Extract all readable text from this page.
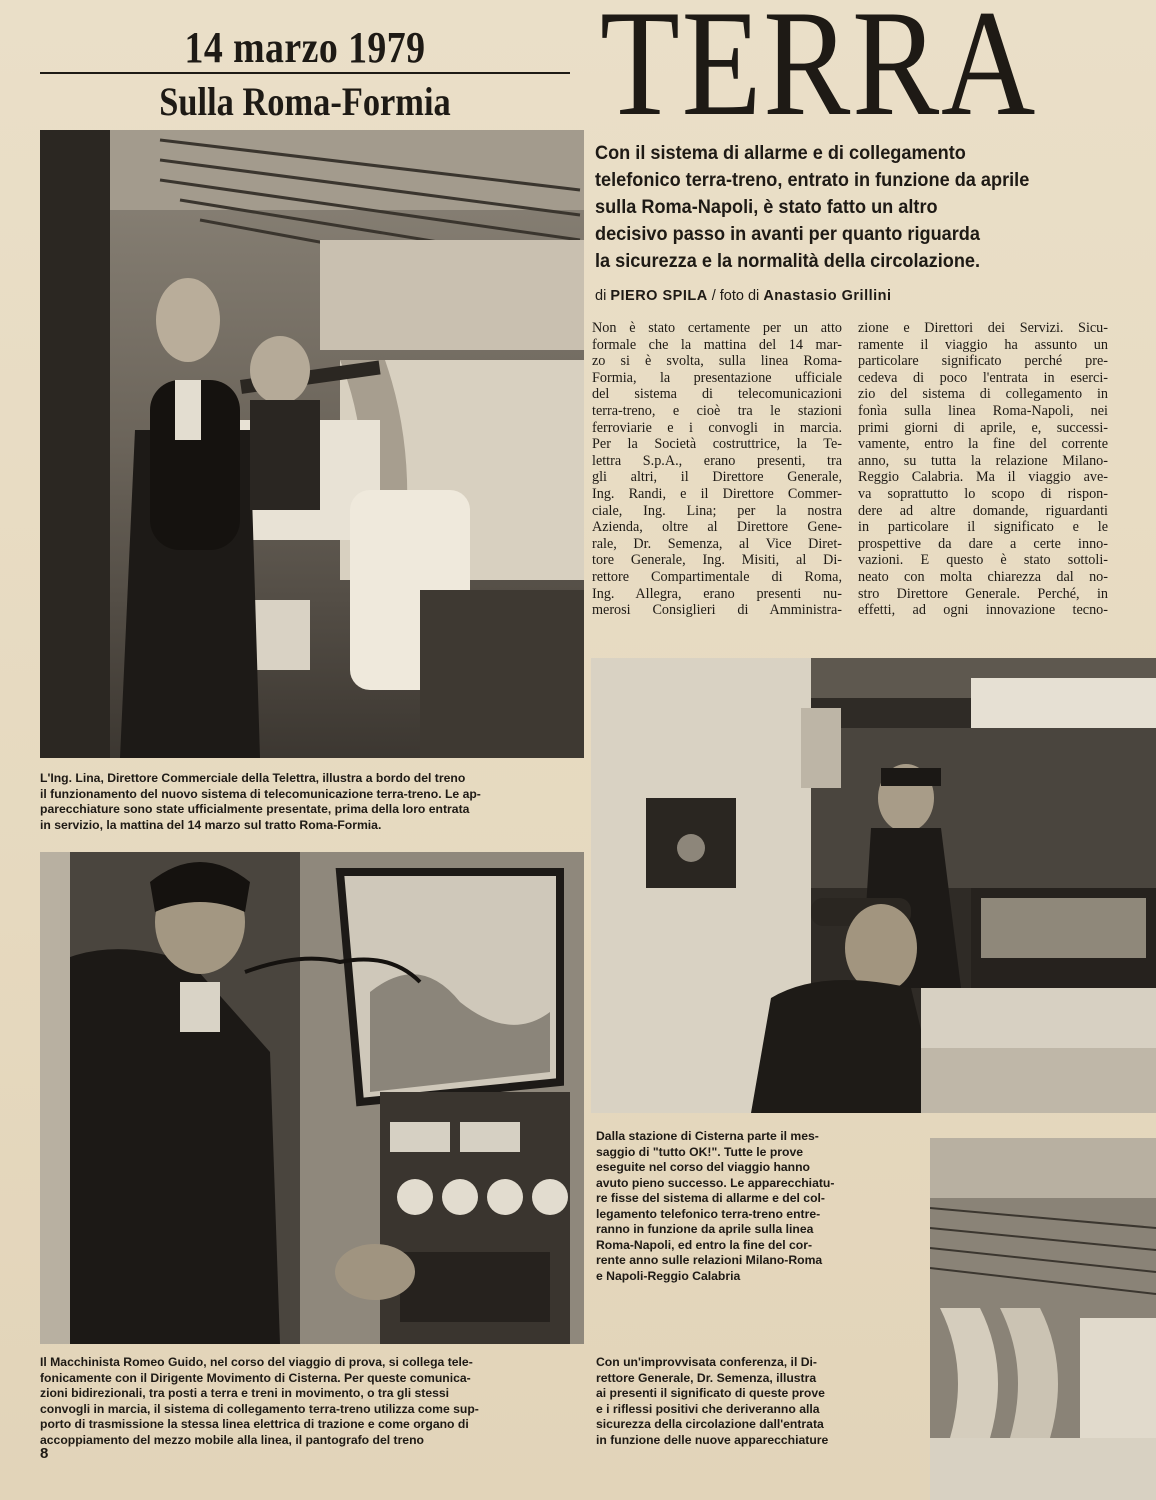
14 marzo 1979
Sulla Roma-Formia TERRA
Con il sistema di allarme e di collegamento
telefonico terra-treno, entrato in funzione da aprile
sulla Roma-Napoli, è stato fatto un altro
decisivo passo in avanti per quanto riguarda
la sicurezza e la normalità della circolazione.
di PIERO SPILA / foto di Anastasio Grillini
Non è stato certamente per un atto
formale che la mattina del 14 mar-
zo si è svolta, sulla linea Roma-
Formia, la presentazione ufficiale
del sistema di telecomunicazioni
terra-treno, e cioè tra le stazioni
ferroviarie e i convogli in marcia.
Per la Società costruttrice, la Te-
lettra S.p.A., erano presenti, tra
gli altri, il Direttore Generale,
Ing. Randi, e il Direttore Commer-
ciale, Ing. Lina; per la nostra
Azienda, oltre al Direttore Gene-
rale, Dr. Semenza, al Vice Diret-
tore Generale, Ing. Misiti, al Di-
rettore Compartimentale di Roma,
Ing. Allegra, erano presenti nu-
merosi Consiglieri di Amministra-
zione e Direttori dei Servizi. Sicu-
ramente il viaggio ha assunto un
particolare significato perché pre-
cedeva di poco l'entrata in eserci-
zio del sistema di collegamento in
fonìa sulla linea Roma-Napoli, nei
primi giorni di aprile, e, successi-
vamente, entro la fine del corrente
anno, su tutta la relazione Milano-
Reggio Calabria. Ma il viaggio ave-
va soprattutto lo scopo di rispon-
dere ad altre domande, riguardanti
in particolare il significato e le
prospettive da dare a certe inno-
vazioni. E questo è stato sottoli-
neato con molta chiarezza dal no-
stro Direttore Generale. Perché, in
effetti, ad ogni innovazione tecno-
L'Ing. Lina, Direttore Commerciale della Telettra, illustra a bordo del treno
il funzionamento del nuovo sistema di telecomunicazione terra-treno. Le ap-
parecchiature sono state ufficialmente presentate, prima della loro entrata
in servizio, la mattina del 14 marzo sul tratto Roma-Formia.
Il Macchinista Romeo Guido, nel corso del viaggio di prova, si collega tele-
fonicamente con il Dirigente Movimento di Cisterna. Per queste comunica-
zioni bidirezionali, tra posti a terra e treni in movimento, o tra gli stessi
convogli in marcia, il sistema di collegamento terra-treno utilizza come sup-
porto di trasmissione la stessa linea elettrica di trazione e come organo di
accoppiamento del mezzo mobile alla linea, il pantografo del treno
Dalla stazione di Cisterna parte il mes-
saggio di "tutto OK!". Tutte le prove
eseguite nel corso del viaggio hanno
avuto pieno successo. Le apparecchiatu-
re fisse del sistema di allarme e del col-
legamento telefonico terra-treno entre-
ranno in funzione da aprile sulla linea
Roma-Napoli, ed entro la fine del cor-
rente anno sulle relazioni Milano-Roma
e Napoli-Reggio Calabria
Con un'improvvisata conferenza, il Di-
rettore Generale, Dr. Semenza, illustra
ai presenti il significato di queste prove
e i riflessi positivi che deriveranno alla
sicurezza della circolazione dall'entrata
in funzione delle nuove apparecchiature
8
